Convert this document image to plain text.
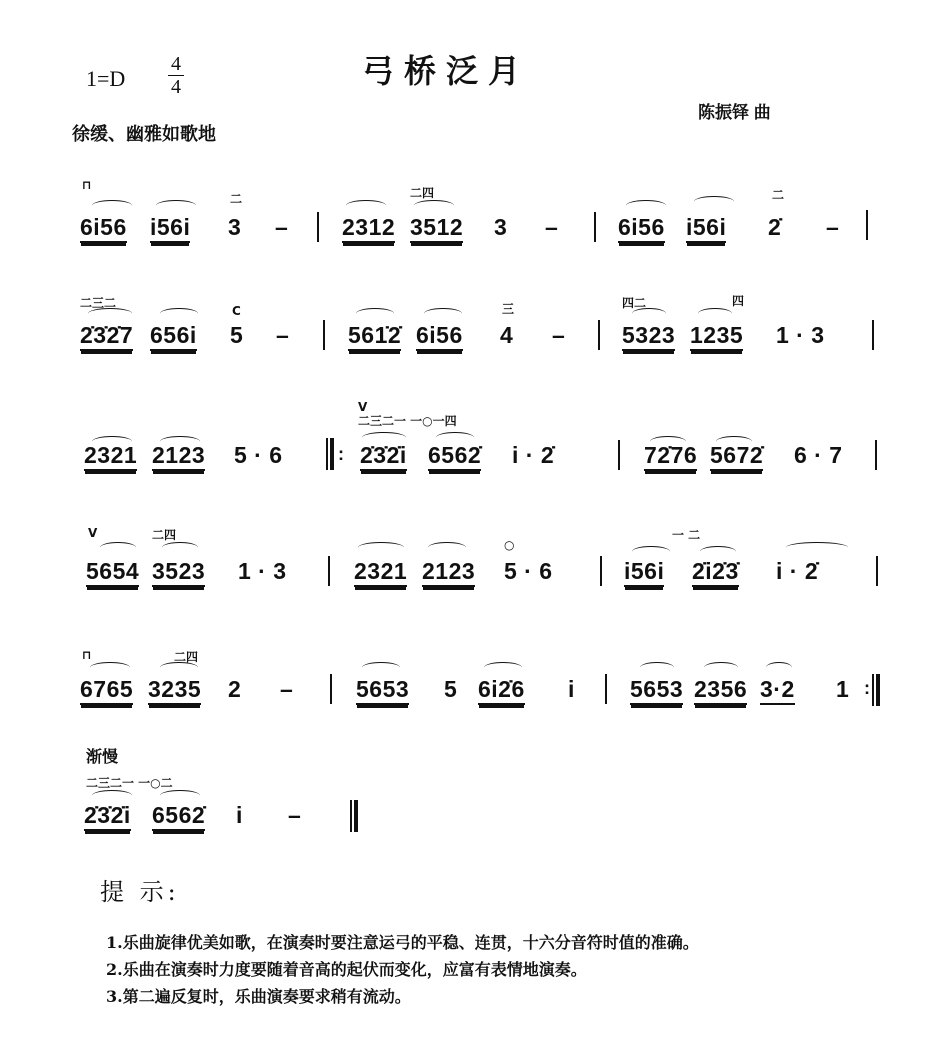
1=D
4
4	弓桥泛月
陈振铎 曲
徐缓、幽雅如歌地
⊓
二	二四	二
6i56 i56i 3 – 2312 3512 3 –	6i56 i56i 2̇ –
二三二
C	三	四二	四
2̇3̇2̇7 656i 5 –	561̇2̇ 6i56 4 – 5323 1235 1 · 3
V
二三二一 一○一四
2321 2123 5 · 6	: 2̇3̇2̇i 6562̇ i · 2̇	72̇76 5672̇ 6 · 7
V	二四
○
一 二
5654 3523 1 · 3	2321 2123 5 · 6	i56i 2̇i2̇3̇ i · 2̇
⊓	二四
6765 3235 2 –	5653 5 6i2̇6 i 5653 2356 3·2 1 :
渐慢
二三二一 一○二
2̇3̇2̇i 6562̇ i –
提 示:
1.乐曲旋律优美如歌，在演奏时要注意运弓的平稳、连贯，十六分音符时值的准确。
2.乐曲在演奏时力度要随着音高的起伏而变化，应富有表情地演奏。
3.第二遍反复时，乐曲演奏要求稍有流动。
